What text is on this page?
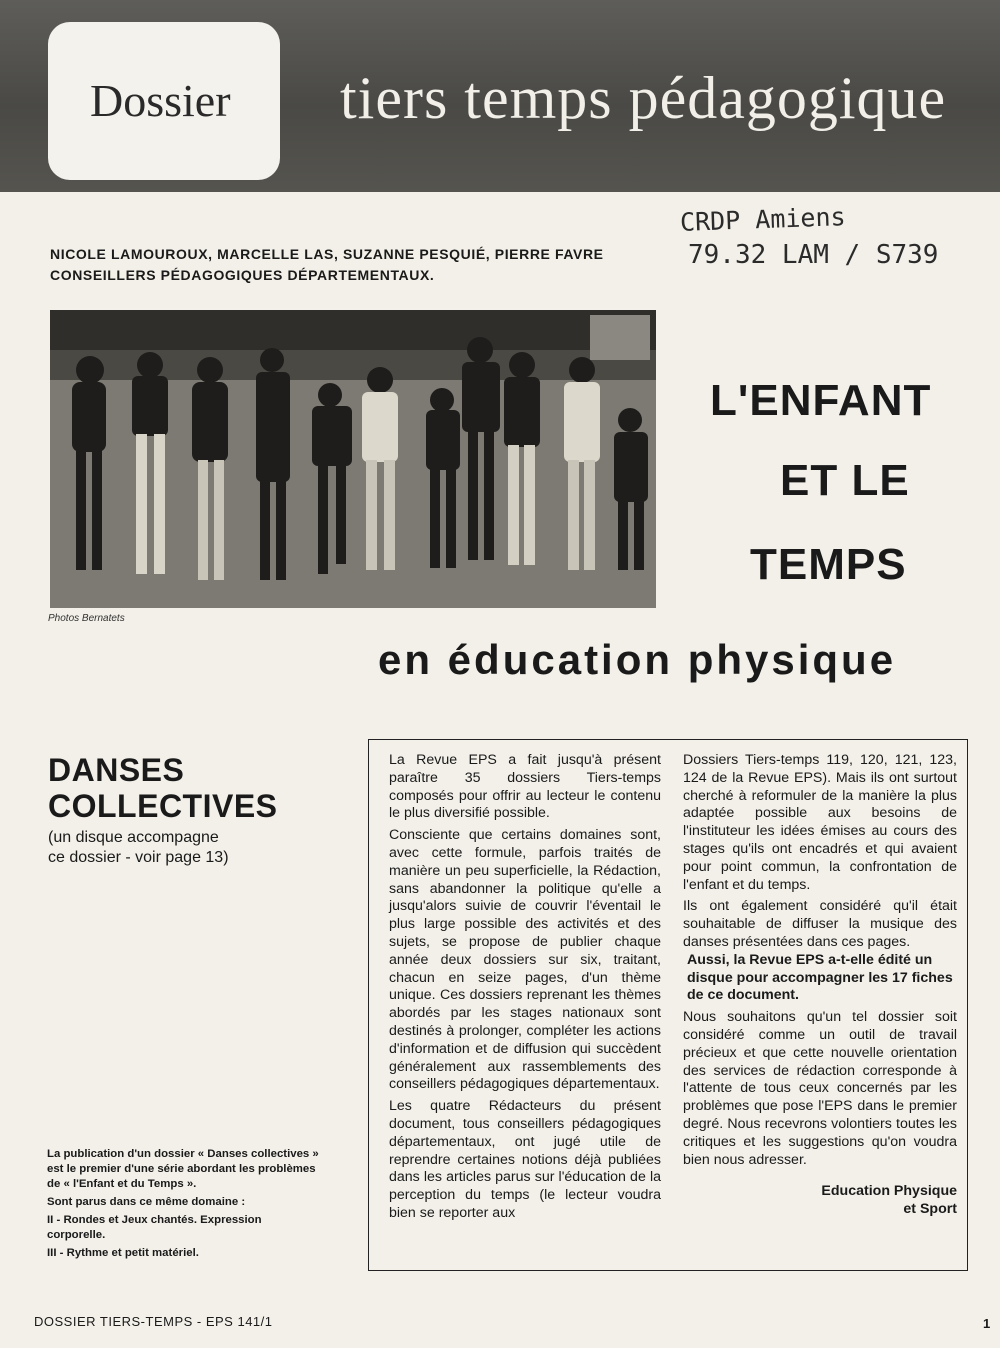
Dossier tiers temps pédagogique
CRDP Amiens
79.32 LAM / S739
NICOLE LAMOUROUX, MARCELLE LAS, SUZANNE PESQUIÉ, PIERRE FAVRE
CONSEILLERS PÉDAGOGIQUES DÉPARTEMENTAUX.
Photos Bernatets
L'ENFANT
ET LE
TEMPS
en éducation physique
DANSES
COLLECTIVES
(un disque accompagne
ce dossier - voir page 13)

La publication d'un dossier « Danses collectives » est le premier d'une série abordant les problèmes de « l'Enfant et du Temps ».

Sont parus dans ce même domaine :

II - Rondes et Jeux chantés. Expression corporelle.

III - Rythme et petit matériel.

La Revue EPS a fait jusqu'à présent paraître 35 dossiers Tiers-temps composés pour offrir au lecteur le contenu le plus diversifié possible.

Consciente que certains domaines sont, avec cette formule, parfois traités de manière un peu superficielle, la Rédaction, sans abandonner la politique qu'elle a jusqu'alors suivie de couvrir l'éventail le plus large possible des activités et des sujets, se propose de publier chaque année deux dossiers sur six, traitant, chacun en seize pages, d'un thème unique. Ces dossiers reprenant les thèmes abordés par les stages nationaux sont destinés à prolonger, compléter les actions d'information et de diffusion qui succèdent généralement aux rassemblements des conseillers pédagogiques départementaux.

Les quatre Rédacteurs du présent document, tous conseillers pédagogiques départementaux, ont jugé utile de reprendre certaines notions déjà publiées dans les articles parus sur l'éducation de la perception du temps (le lecteur voudra bien se reporter aux

Dossiers Tiers-temps 119, 120, 121, 123, 124 de la Revue EPS). Mais ils ont surtout cherché à reformuler de la manière la plus adaptée possible aux besoins de l'instituteur les idées émises au cours des stages qu'ils ont encadrés et qui avaient pour point commun, la confrontation de l'enfant et du temps.

Ils ont également considéré qu'il était souhaitable de diffuser la musique des danses présentées dans ces pages.

Aussi, la Revue EPS a-t-elle édité un disque pour accompagner les 17 fiches de ce document.

Nous souhaitons qu'un tel dossier soit considéré comme un outil de travail précieux et que cette nouvelle orientation des services de rédaction corresponde à l'attente de tous ceux concernés par les problèmes que pose l'EPS dans le premier degré. Nous recevrons volontiers toutes les critiques et les suggestions qu'on voudra bien nous adresser.

Education Physique
et Sport
DOSSIER TIERS-TEMPS - EPS 141/1	1
